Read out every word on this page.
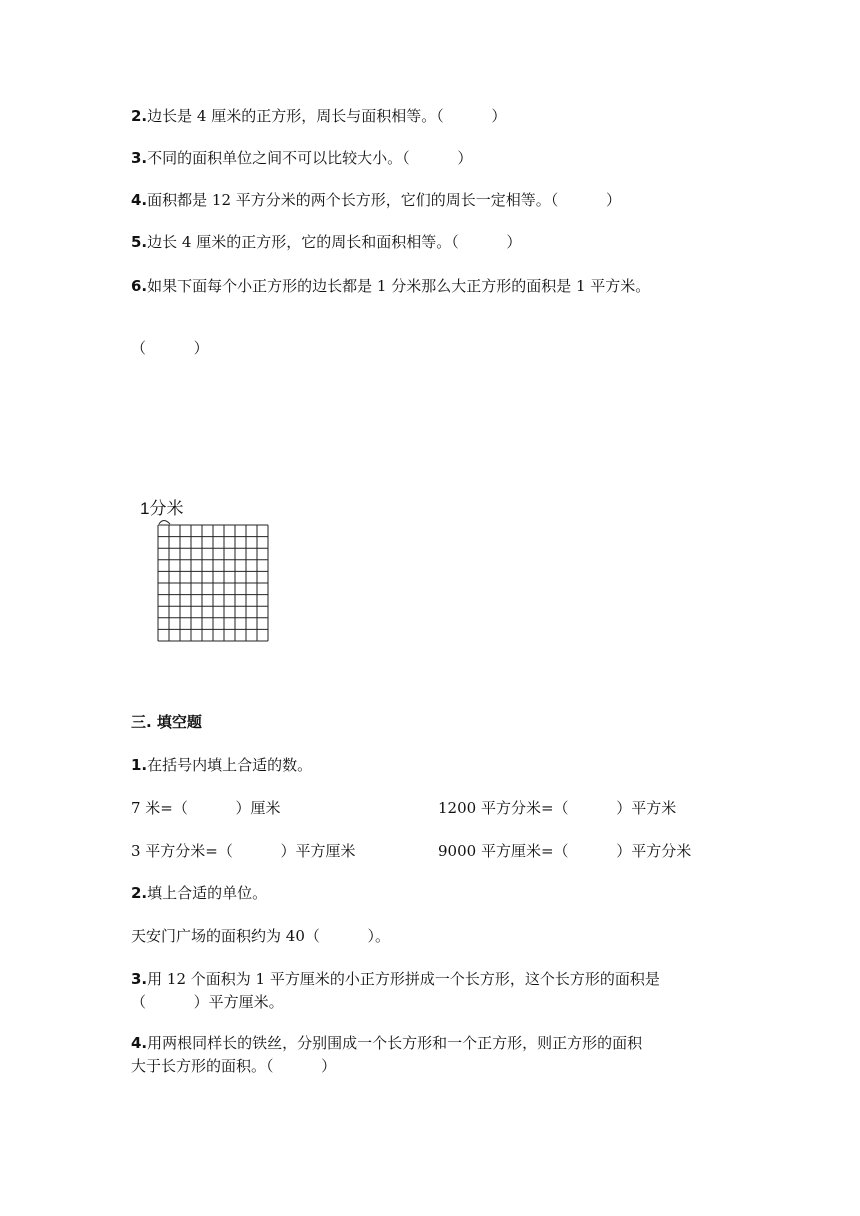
2.边长是 4 厘米的正方形，周长与面积相等。（          ）
3.不同的面积单位之间不可以比较大小。（          ）
4.面积都是 12 平方分米的两个长方形，它们的周长一定相等。（          ）
5.边长 4 厘米的正方形，它的周长和面积相等。（          ）
6.如果下面每个小正方形的边长都是 1 分米那么大正方形的面积是 1 平方米。
（          ）
1分米
三. 填空题
1.在括号内填上合适的数。
7 米=（          ）厘米	1200 平方分米=（          ）平方米
3 平方分米=（          ）平方厘米	9000 平方厘米=（          ）平方分米
2.填上合适的单位。
天安门广场的面积约为 40（          ）。
3.用 12 个面积为 1 平方厘米的小正方形拼成一个长方形，这个长方形的面积是
（          ）平方厘米。
4.用两根同样长的铁丝，分别围成一个长方形和一个正方形，则正方形的面积
大于长方形的面积。（          ）
